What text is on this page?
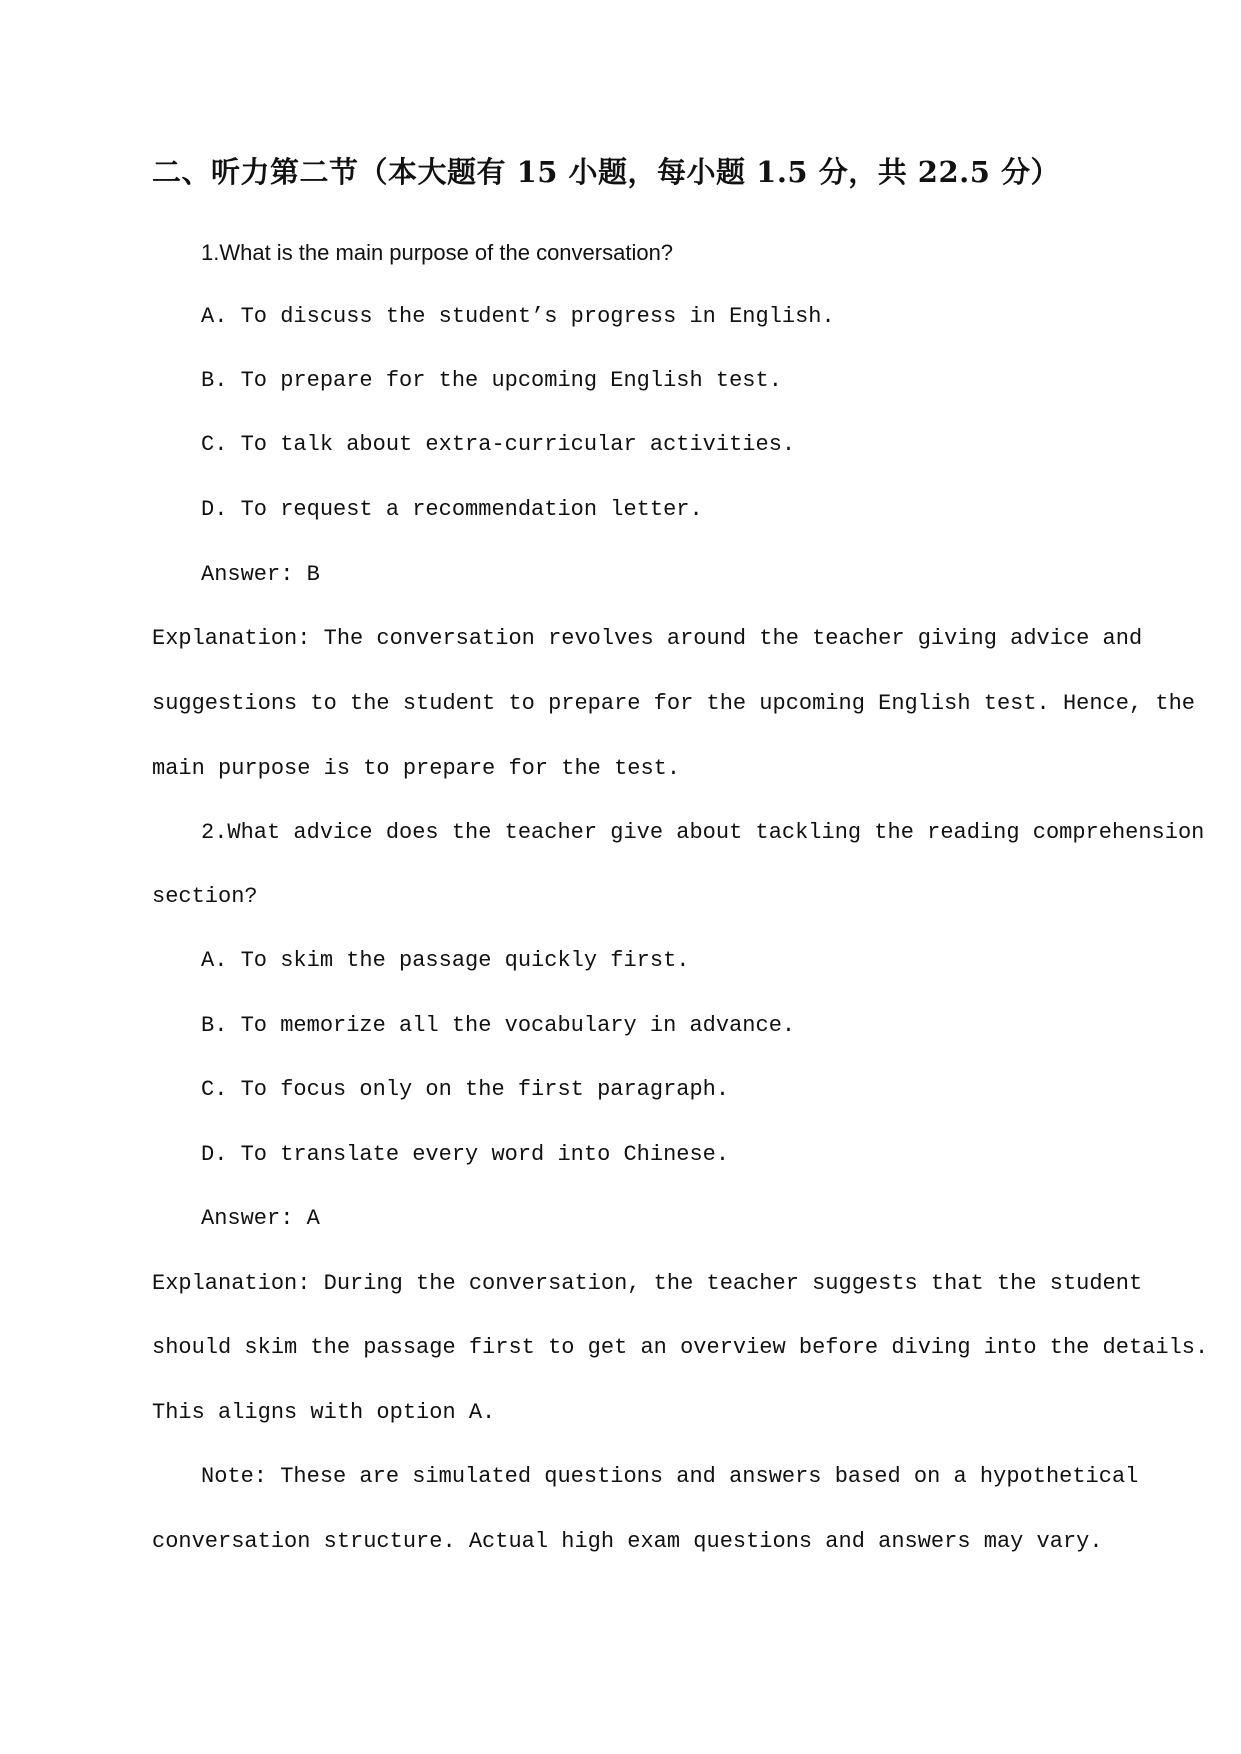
二、听力第二节（本大题有 15 小题，每小题 1.5 分，共 22.5 分）
1.What is the main purpose of the conversation?
A. To discuss the student’s progress in English.
B. To prepare for the upcoming English test.
C. To talk about extra-curricular activities.
D. To request a recommendation letter.
Answer: B
Explanation: The conversation revolves around the teacher giving advice and
suggestions to the student to prepare for the upcoming English test. Hence, the
main purpose is to prepare for the test.
2.What advice does the teacher give about tackling the reading comprehension
section?
A. To skim the passage quickly first.
B. To memorize all the vocabulary in advance.
C. To focus only on the first paragraph.
D. To translate every word into Chinese.
Answer: A
Explanation: During the conversation, the teacher suggests that the student
should skim the passage first to get an overview before diving into the details.
This aligns with option A.
Note: These are simulated questions and answers based on a hypothetical
conversation structure. Actual high exam questions and answers may vary.
